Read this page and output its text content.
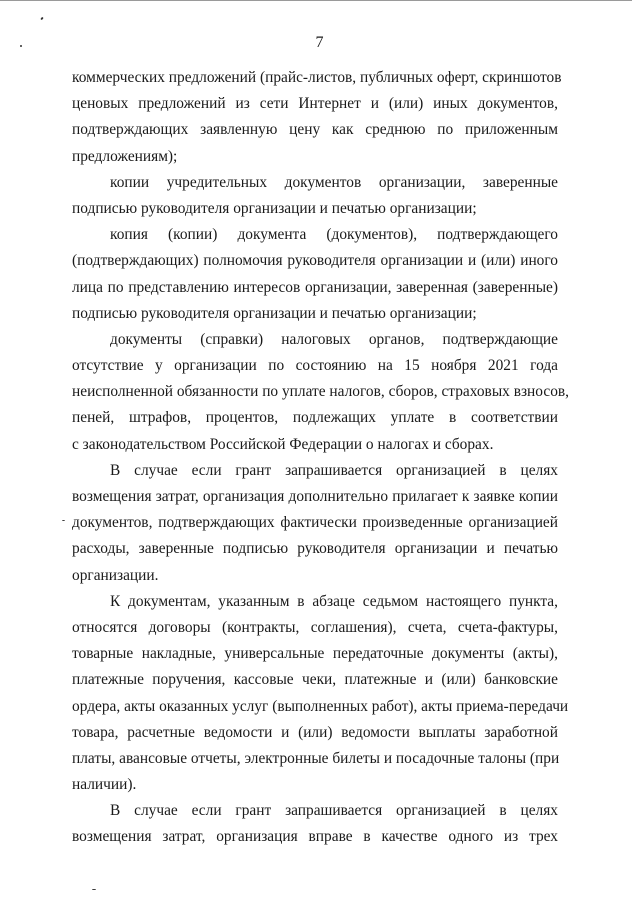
7
коммерческих предложений (прайс-листов, публичных оферт, скриншотов
ценовых предложений из сети Интернет и (или) иных документов,
подтверждающих заявленную цену как среднюю по приложенным
предложениям);
копии учредительных документов организации, заверенные
подписью руководителя организации и печатью организации;
копия (копии) документа (документов), подтверждающего
(подтверждающих) полномочия руководителя организации и (или) иного
лица по представлению интересов организации, заверенная (заверенные)
подписью руководителя организации и печатью организации;
документы (справки) налоговых органов, подтверждающие
отсутствие у организации по состоянию на 15 ноября 2021 года
неисполненной обязанности по уплате налогов, сборов, страховых взносов,
пеней, штрафов, процентов, подлежащих уплате в соответствии
с законодательством Российской Федерации о налогах и сборах.
В случае если грант запрашивается организацией в целях
возмещения затрат, организация дополнительно прилагает к заявке копии
документов, подтверждающих фактически произведенные организацией
расходы, заверенные подписью руководителя организации и печатью
организации.
К документам, указанным в абзаце седьмом настоящего пункта,
относятся договоры (контракты, соглашения), счета, счета-фактуры,
товарные накладные, универсальные передаточные документы (акты),
платежные поручения, кассовые чеки, платежные и (или) банковские
ордера, акты оказанных услуг (выполненных работ), акты приема-передачи
товара, расчетные ведомости и (или) ведомости выплаты заработной
платы, авансовые отчеты, электронные билеты и посадочные талоны (при
наличии).
В случае если грант запрашивается организацией в целях
возмещения затрат, организация вправе в качестве одного из трех
